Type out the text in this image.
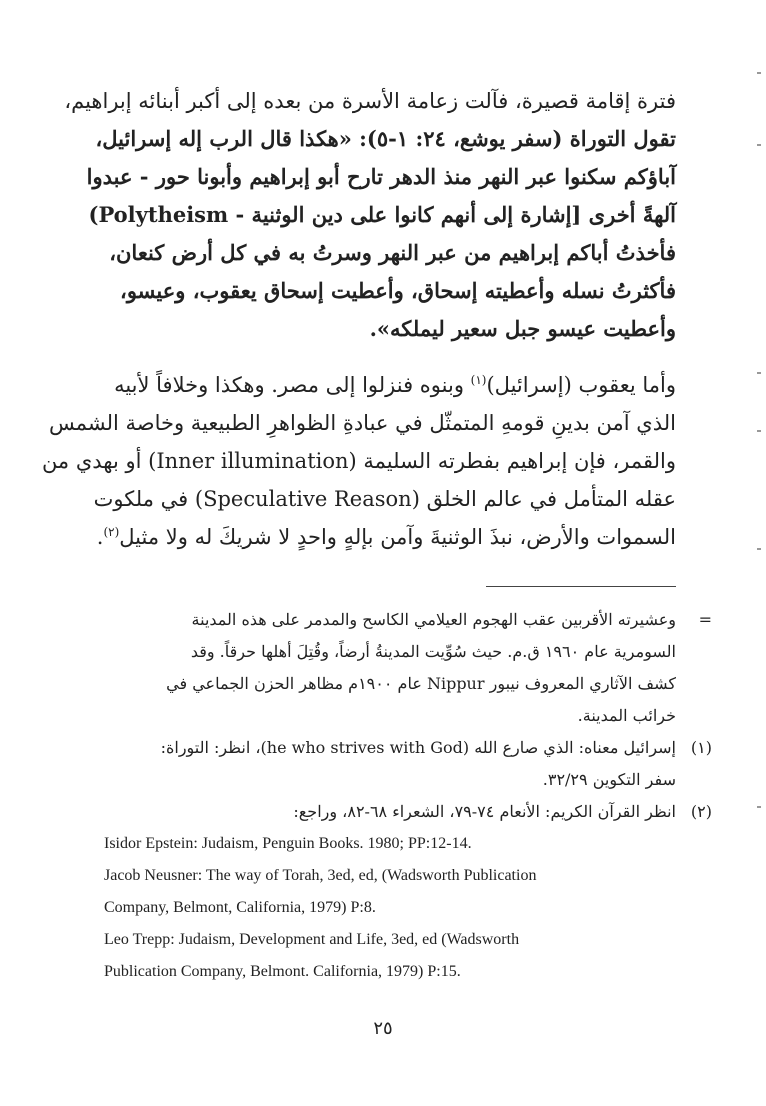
فترة إقامة قصيرة، فآلت زعامة الأسرة من بعده إلى أكبر أبنائه إبراهيم،
تقول التوراة (سفر يوشع، ٢٤: ١-٥): «هكذا قال الرب إله إسرائيل،
آباؤكم سكنوا عبر النهر منذ الدهر تارح أبو إبراهيم وأبونا حور - عبدوا
آلهةً أخرى [إشارة إلى أنهم كانوا على دين الوثنية - Polytheism)
فأخذتُ أباكم إبراهيم من عبر النهر وسرتُ به في كل أرض كنعان،
فأكثرتُ نسله وأعطيته إسحاق، وأعطيت إسحاق يعقوب، وعيسو،
وأعطيت عيسو جبل سعير ليملكه».
وأما يعقوب (إسرائيل)$^{(١)}$ وبنوه فنزلوا إلى مصر. وهكذا وخلافاً لأبيه
الذي آمن بدينِ قومهِ المتمثّل في عبادةِ الظواهرِ الطبيعية وخاصة الشمس
والقمر، فإن إبراهيم بفطرته السليمة (Inner illumination) أو بهدي من
عقله المتأمل في عالم الخلق (Speculative Reason) في ملكوت
السموات والأرض، نبذَ الوثنيةَ وآمن بإلهٍ واحدٍ لا شريكَ له ولا مثيل$^{(٢)}$.
=
وعشيرته الأقربين عقب الهجوم العيلامي الكاسح والمدمر على هذه المدينة
السومرية عام ١٩٦٠ ق.م. حيث سُوِّيت المدينةُ أرضاً، وقُتِلَ أهلها حرقاً. وقد
كشف الآثاري المعروف نيبور Nippur عام ١٩٠٠م مظاهر الحزن الجماعي في
خرائب المدينة.
(١)
إسرائيل معناه: الذي صارع الله (he who strives with God)، انظر: التوراة:
سفر التكوين ٣٢/٢٩.
(٢)
انظر القرآن الكريم: الأنعام ٧٤-٧٩، الشعراء ٦٨-٨٢، وراجع:
Isidor Epstein: Judaism, Penguin Books. 1980; PP:12-14.
Jacob Neusner: The way of Torah, 3ed, ed, (Wadsworth Publication
Company, Belmont, California, 1979) P:8.
Leo Trepp: Judaism, Development and Life, 3ed, ed (Wadsworth
Publication Company, Belmont. California, 1979) P:15.
٢٥
